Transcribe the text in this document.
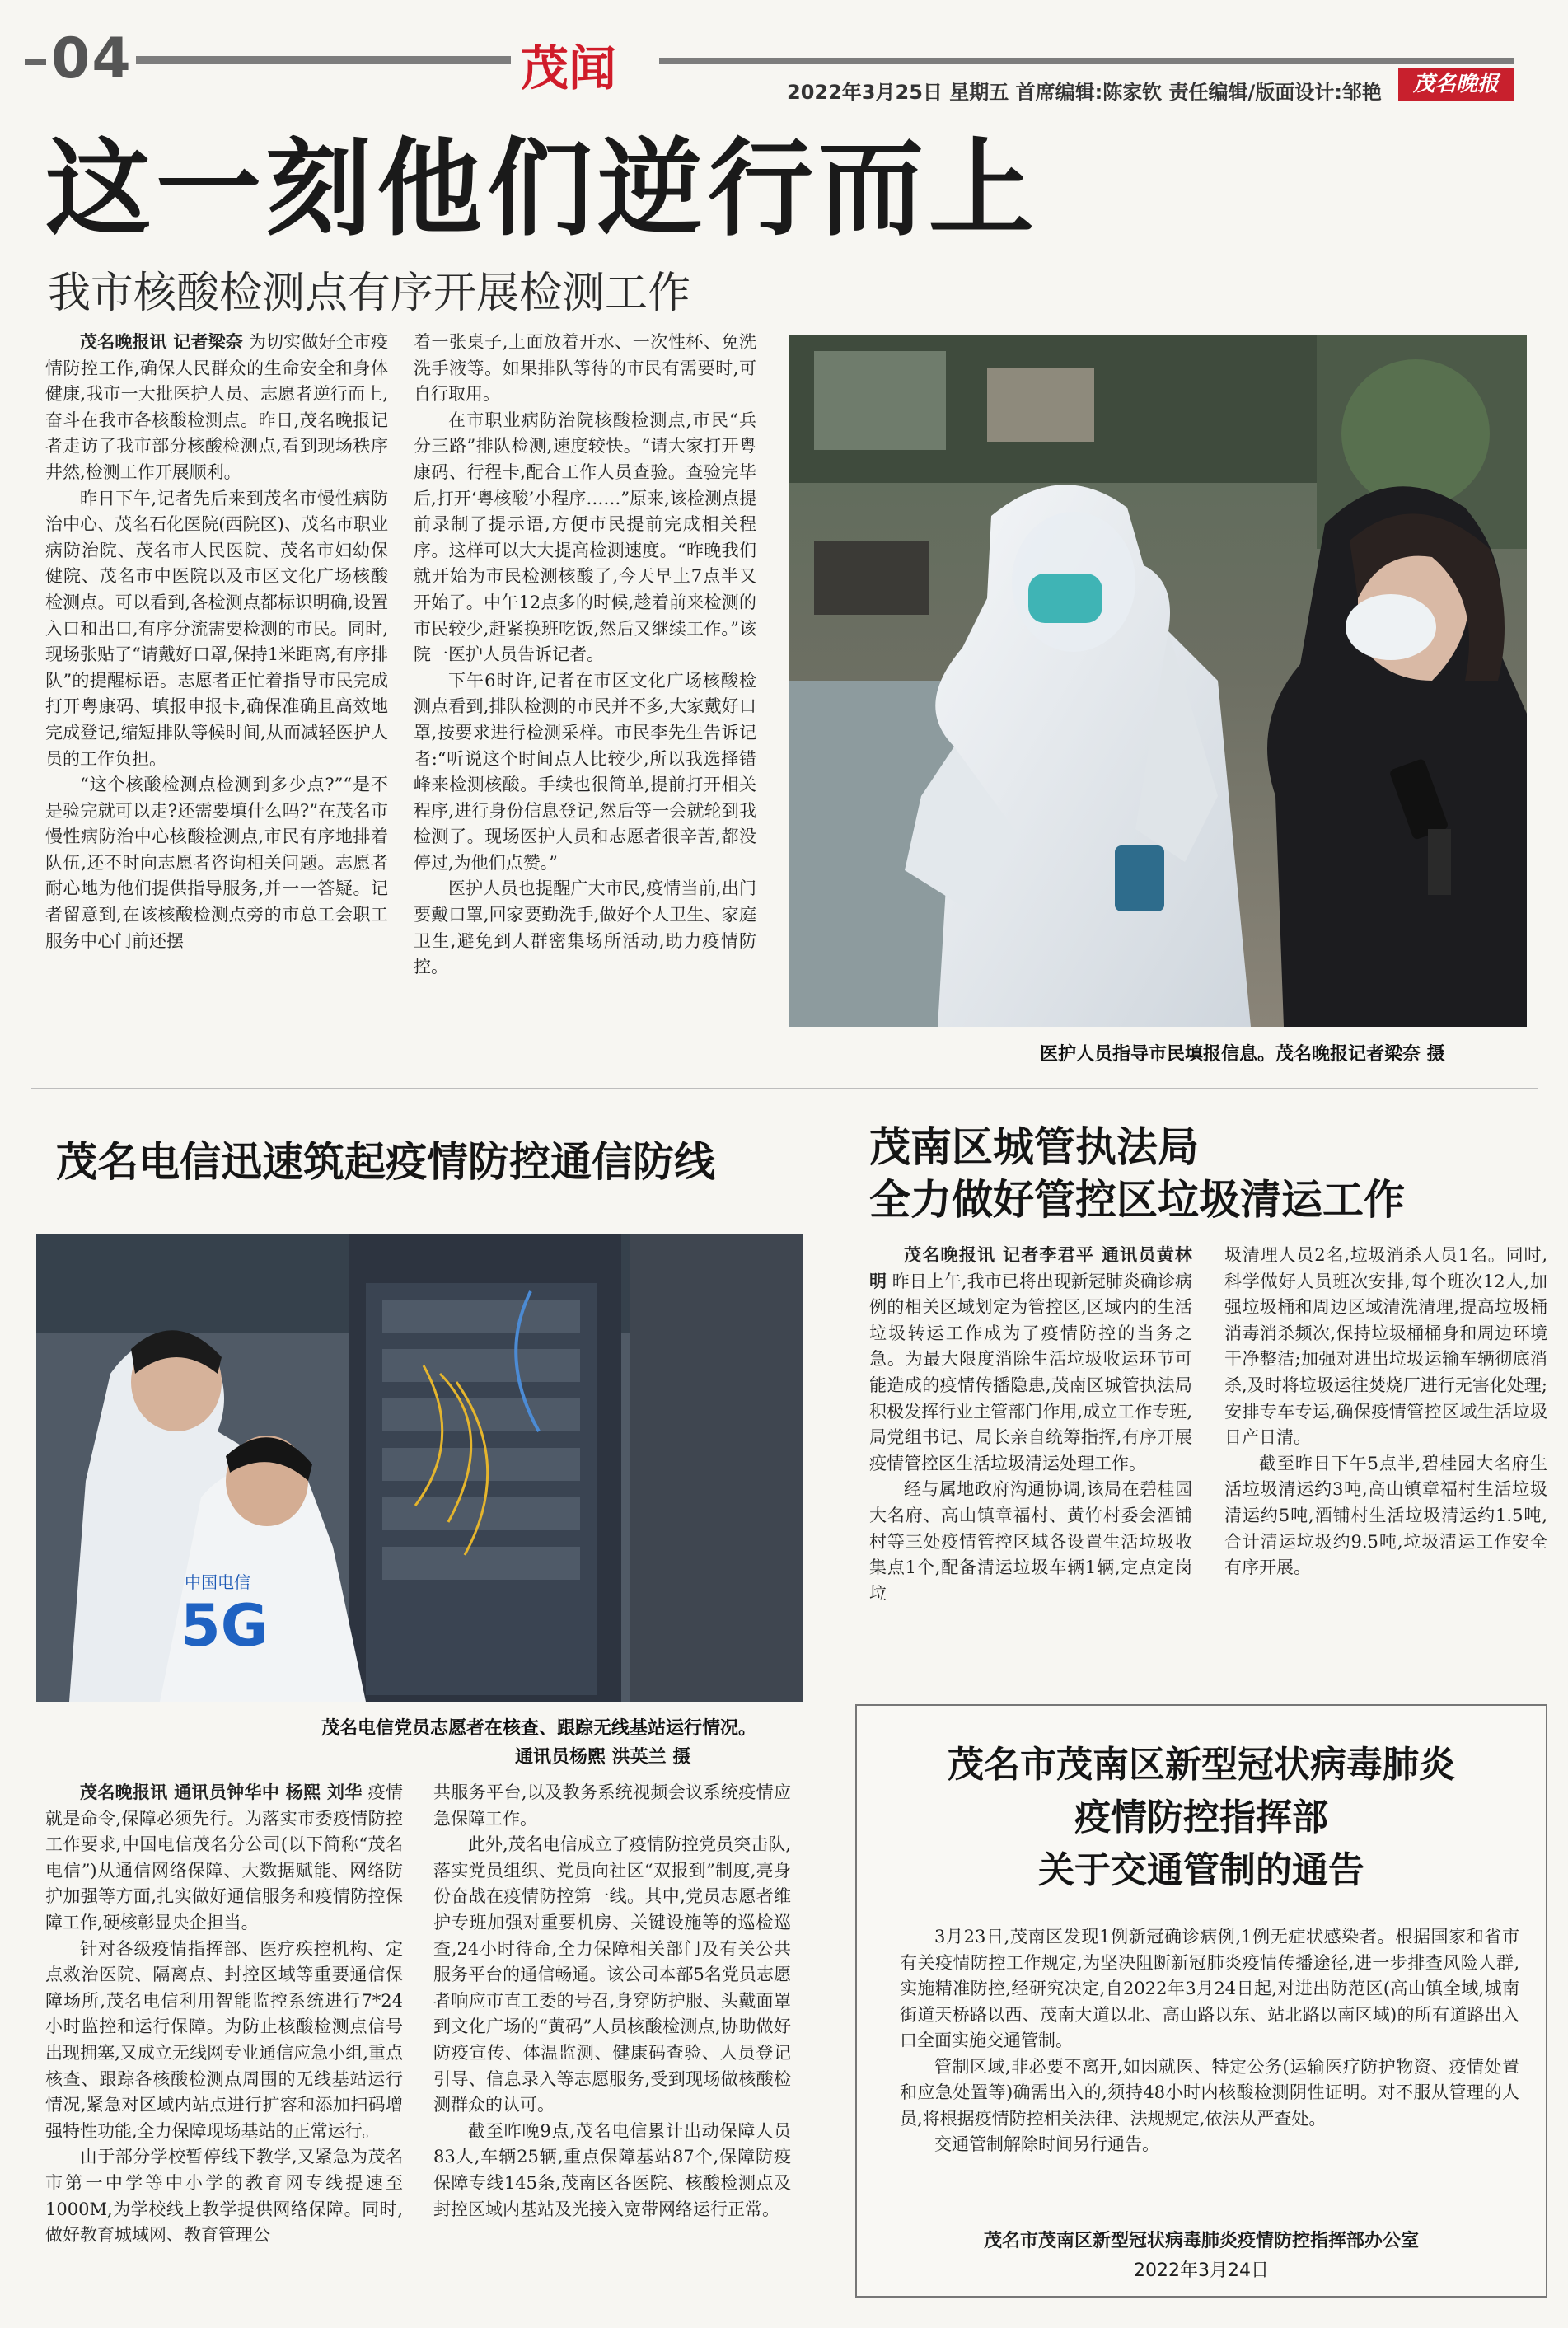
04	茂闻	2022年3月25日 星期五 首席编辑:陈家钦 责任编辑/版面设计:邹艳	茂名晚报
这一刻他们逆行而上
我市核酸检测点有序开展检测工作

茂名晚报讯 记者梁奈 为切实做好全市疫情防控工作,确保人民群众的生命安全和身体健康,我市一大批医护人员、志愿者逆行而上,奋斗在我市各核酸检测点。昨日,茂名晚报记者走访了我市部分核酸检测点,看到现场秩序井然,检测工作开展顺利。

昨日下午,记者先后来到茂名市慢性病防治中心、茂名石化医院(西院区)、茂名市职业病防治院、茂名市人民医院、茂名市妇幼保健院、茂名市中医院以及市区文化广场核酸检测点。可以看到,各检测点都标识明确,设置入口和出口,有序分流需要检测的市民。同时,现场张贴了“请戴好口罩,保持1米距离,有序排队”的提醒标语。志愿者正忙着指导市民完成打开粤康码、填报申报卡,确保准确且高效地完成登记,缩短排队等候时间,从而减轻医护人员的工作负担。

“这个核酸检测点检测到多少点?”“是不是验完就可以走?还需要填什么吗?”在茂名市慢性病防治中心核酸检测点,市民有序地排着队伍,还不时向志愿者咨询相关问题。志愿者耐心地为他们提供指导服务,并一一答疑。记者留意到,在该核酸检测点旁的市总工会职工服务中心门前还摆

着一张桌子,上面放着开水、一次性杯、免洗洗手液等。如果排队等待的市民有需要时,可自行取用。

在市职业病防治院核酸检测点,市民“兵分三路”排队检测,速度较快。“请大家打开粤康码、行程卡,配合工作人员查验。查验完毕后,打开‘粤核酸’小程序……”原来,该检测点提前录制了提示语,方便市民提前完成相关程序。这样可以大大提高检测速度。“昨晚我们就开始为市民检测核酸了,今天早上7点半又开始了。中午12点多的时候,趁着前来检测的市民较少,赶紧换班吃饭,然后又继续工作。”该院一医护人员告诉记者。

下午6时许,记者在市区文化广场核酸检测点看到,排队检测的市民并不多,大家戴好口罩,按要求进行检测采样。市民李先生告诉记者:“听说这个时间点人比较少,所以我选择错峰来检测核酸。手续也很简单,提前打开相关程序,进行身份信息登记,然后等一会就轮到我检测了。现场医护人员和志愿者很辛苦,都没停过,为他们点赞。”

医护人员也提醒广大市民,疫情当前,出门要戴口罩,回家要勤洗手,做好个人卫生、家庭卫生,避免到人群密集场所活动,助力疫情防控。

医护人员指导市民填报信息。茂名晚报记者梁奈 摄
茂名电信迅速筑起疫情防控通信防线
中国电信
5G
茂名电信党员志愿者在核查、跟踪无线基站运行情况。
通讯员杨熙 洪英兰 摄

茂名晚报讯 通讯员钟华中 杨熙 刘华 疫情就是命令,保障必须先行。为落实市委疫情防控工作要求,中国电信茂名分公司(以下简称“茂名电信”)从通信网络保障、大数据赋能、网络防护加强等方面,扎实做好通信服务和疫情防控保障工作,硬核彰显央企担当。

针对各级疫情指挥部、医疗疾控机构、定点救治医院、隔离点、封控区域等重要通信保障场所,茂名电信利用智能监控系统进行7*24小时监控和运行保障。为防止核酸检测点信号出现拥塞,又成立无线网专业通信应急小组,重点核查、跟踪各核酸检测点周围的无线基站运行情况,紧急对区域内站点进行扩容和添加扫码增强特性功能,全力保障现场基站的正常运行。

由于部分学校暂停线下教学,又紧急为茂名市第一中学等中小学的教育网专线提速至1000M,为学校线上教学提供网络保障。同时,做好教育城域网、教育管理公

共服务平台,以及教务系统视频会议系统疫情应急保障工作。

此外,茂名电信成立了疫情防控党员突击队,落实党员组织、党员向社区“双报到”制度,亮身份奋战在疫情防控第一线。其中,党员志愿者维护专班加强对重要机房、关键设施等的巡检巡查,24小时待命,全力保障相关部门及有关公共服务平台的通信畅通。该公司本部5名党员志愿者响应市直工委的号召,身穿防护服、头戴面罩到文化广场的“黄码”人员核酸检测点,协助做好防疫宣传、体温监测、健康码查验、人员登记引导、信息录入等志愿服务,受到现场做核酸检测群众的认可。

截至昨晚9点,茂名电信累计出动保障人员83人,车辆25辆,重点保障基站87个,保障防疫保障专线145条,茂南区各医院、核酸检测点及封控区域内基站及光接入宽带网络运行正常。

茂南区城管执法局
全力做好管控区垃圾清运工作

茂名晚报讯 记者李君平 通讯员黄林明 昨日上午,我市已将出现新冠肺炎确诊病例的相关区域划定为管控区,区域内的生活垃圾转运工作成为了疫情防控的当务之急。为最大限度消除生活垃圾收运环节可能造成的疫情传播隐患,茂南区城管执法局积极发挥行业主管部门作用,成立工作专班,局党组书记、局长亲自统筹指挥,有序开展疫情管控区生活垃圾清运处理工作。

经与属地政府沟通协调,该局在碧桂园大名府、高山镇章福村、黄竹村委会酒铺村等三处疫情管控区域各设置生活垃圾收集点1个,配备清运垃圾车辆1辆,定点定岗垃

圾清理人员2名,垃圾消杀人员1名。同时,科学做好人员班次安排,每个班次12人,加强垃圾桶和周边区域清洗清理,提高垃圾桶消毒消杀频次,保持垃圾桶桶身和周边环境干净整洁;加强对进出垃圾运输车辆彻底消杀,及时将垃圾运往焚烧厂进行无害化处理;安排专车专运,确保疫情管控区域生活垃圾日产日清。

截至昨日下午5点半,碧桂园大名府生活垃圾清运约3吨,高山镇章福村生活垃圾清运约5吨,酒铺村生活垃圾清运约1.5吨,合计清运垃圾约9.5吨,垃圾清运工作安全有序开展。

茂名市茂南区新型冠状病毒肺炎
疫情防控指挥部
关于交通管制的通告

3月23日,茂南区发现1例新冠确诊病例,1例无症状感染者。根据国家和省市有关疫情防控工作规定,为坚决阻断新冠肺炎疫情传播途径,进一步排查风险人群,实施精准防控,经研究决定,自2022年3月24日起,对进出防范区(高山镇全域,城南街道天桥路以西、茂南大道以北、高山路以东、站北路以南区域)的所有道路出入口全面实施交通管制。

管制区域,非必要不离开,如因就医、特定公务(运输医疗防护物资、疫情处置和应急处置等)确需出入的,须持48小时内核酸检测阴性证明。对不服从管理的人员,将根据疫情防控相关法律、法规规定,依法从严查处。

交通管制解除时间另行通告。

茂名市茂南区新型冠状病毒肺炎疫情防控指挥部办公室
2022年3月24日
